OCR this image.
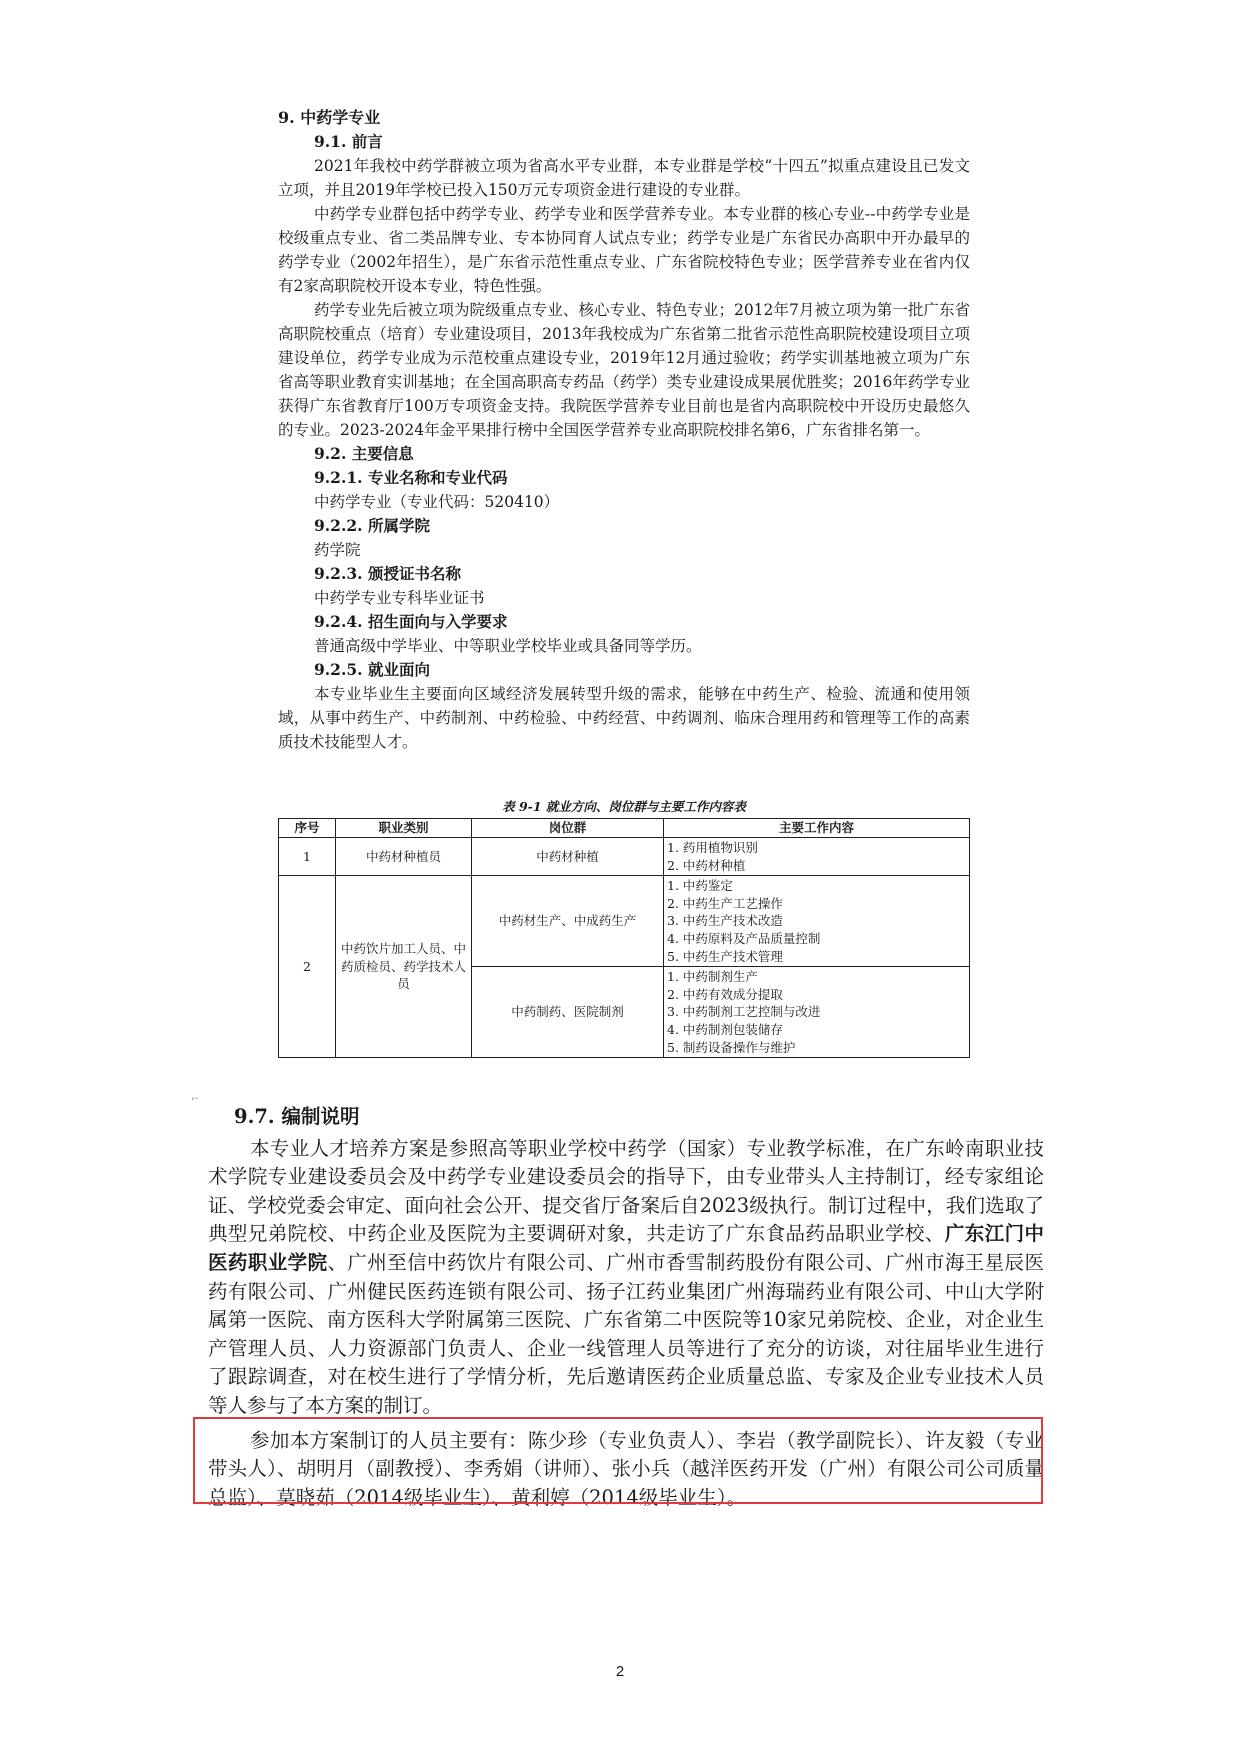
9. 中药学专业

9.1. 前言

2021年我校中药学群被立项为省高水平专业群，本专业群是学校“十四五”拟重点建设且已发文立项，并且2019年学校已投入150万元专项资金进行建设的专业群。

中药学专业群包括中药学专业、药学专业和医学营养专业。本专业群的核心专业--中药学专业是校级重点专业、省二类品牌专业、专本协同育人试点专业；药学专业是广东省民办高职中开办最早的药学专业（2002年招生），是广东省示范性重点专业、广东省院校特色专业；医学营养专业在省内仅有2家高职院校开设本专业，特色性强。

药学专业先后被立项为院级重点专业、核心专业、特色专业；2012年7月被立项为第一批广东省高职院校重点（培育）专业建设项目，2013年我校成为广东省第二批省示范性高职院校建设项目立项建设单位，药学专业成为示范校重点建设专业，2019年12月通过验收；药学实训基地被立项为广东省高等职业教育实训基地；在全国高职高专药品（药学）类专业建设成果展优胜奖；2016年药学专业获得广东省教育厅100万专项资金支持。我院医学营养专业目前也是省内高职院校中开设历史最悠久的专业。2023-2024年金平果排行榜中全国医学营养专业高职院校排名第6，广东省排名第一。

9.2. 主要信息

9.2.1. 专业名称和专业代码

中药学专业（专业代码：520410）

9.2.2. 所属学院

药学院

9.2.3. 颁授证书名称

中药学专业专科毕业证书

9.2.4. 招生面向与入学要求

普通高级中学毕业、中等职业学校毕业或具备同等学历。

9.2.5. 就业面向

本专业毕业生主要面向区域经济发展转型升级的需求，能够在中药生产、检验、流通和使用领域，从事中药生产、中药制剂、中药检验、中药经营、中药调剂、临床合理用药和管理等工作的高素质技术技能型人才。

表 9-1 就业方向、岗位群与主要工作内容表
序号	职业类别	岗位群	主要工作内容
1	中药材种植员	中药材种植	1. 药用植物识别
2. 中药材种植

2	中药饮片加工人员、中药质检员、药学技术人员	中药材生产、中成药生产	1. 中药鉴定
2. 中药生产工艺操作
3. 中药生产技术改造
4. 中药原料及产品质量控制
5. 中药生产技术管理

		中药制药、医院制剂	1. 中药制剂生产
2. 中药有效成分提取
3. 中药制剂工艺控制与改进
4. 中药制剂包装储存
5. 制药设备操作与维护
⌐

9.7. 编制说明

本专业人才培养方案是参照高等职业学校中药学（国家）专业教学标准，在广东岭南职业技术学院专业建设委员会及中药学专业建设委员会的指导下，由专业带头人主持制订，经专家组论证、学校党委会审定、面向社会公开、提交省厅备案后自2023级执行。制订过程中，我们选取了典型兄弟院校、中药企业及医院为主要调研对象，共走访了广东食品药品职业学校、广东江门中医药职业学院、广州至信中药饮片有限公司、广州市香雪制药股份有限公司、广州市海王星辰医药有限公司、广州健民医药连锁有限公司、扬子江药业集团广州海瑞药业有限公司、中山大学附属第一医院、南方医科大学附属第三医院、广东省第二中医院等10家兄弟院校、企业，对企业生产管理人员、人力资源部门负责人、企业一线管理人员等进行了充分的访谈，对往届毕业生进行了跟踪调查，对在校生进行了学情分析，先后邀请医药企业质量总监、专家及企业专业技术人员等人参与了本方案的制订。

参加本方案制订的人员主要有：陈少珍（专业负责人）、李岩（教学副院长）、许友毅（专业带头人）、胡明月（副教授）、李秀娟（讲师）、张小兵（越洋医药开发（广州）有限公司公司质量总监）、莫晓茹（2014级毕业生）、黄利婷（2014级毕业生）。

2
